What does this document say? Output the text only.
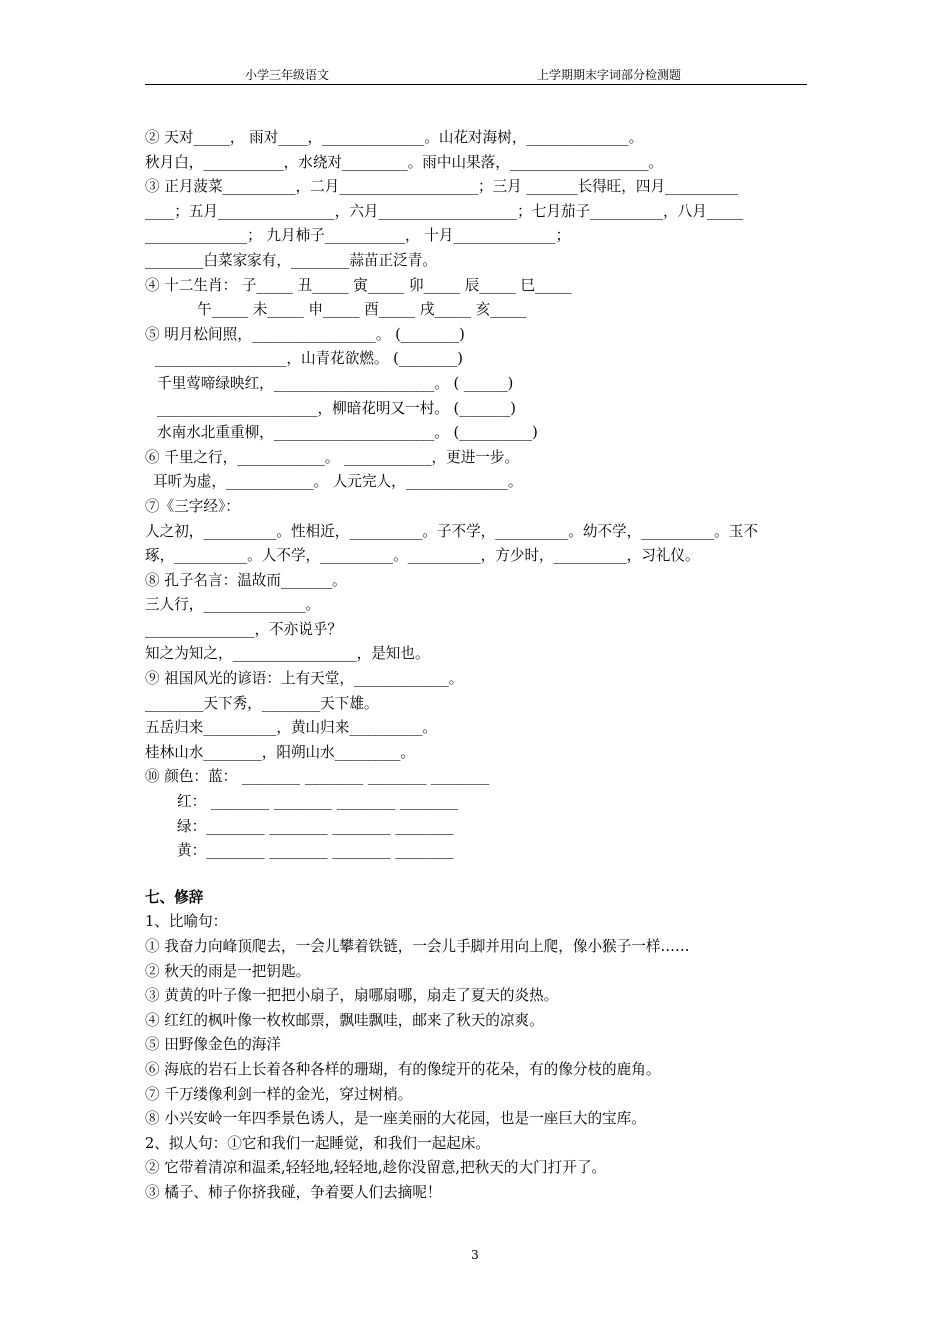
小学三年级语文	上学期期末字词部分检测题
② 天对_____， 雨对____，______________。山花对海树，______________。
秋月白，___________，水绕对_________。雨中山果落，___________________。
③ 正月菠菜__________，二月___________________；三月 _______长得旺，四月__________
____；五月________________，六月___________________；七月茄子__________，八月_____
______________； 九月柿子___________， 十月______________；
________白菜家家有，________蒜苗正泛青。
④ 十二生肖： 子_____ 丑_____ 寅_____ 卯_____ 辰_____ 巳_____
午_____ 未_____ 申_____ 酉_____ 戌_____ 亥_____
⑤ 明月松间照，_________________。 (________)
__________________，山青花欲燃。 (________)
千里莺啼绿映红，______________________。 ( ______)
______________________，柳暗花明又一村。 (_______)
水南水北重重柳，______________________。 (__________)
⑥ 千里之行，____________。 ____________，更进一步。
耳听为虚，____________。 人元完人，______________。
⑦《三字经》：
人之初，__________。性相近，__________。子不学，__________。幼不学，__________。玉不
琢，__________。人不学，__________。__________，方少时，__________，习礼仪。
⑧ 孔子名言：温故而_______。
三人行，______________。
_______________，不亦说乎？
知之为知之，_________________，是知也。
⑨ 祖国风光的谚语：上有天堂，_____________。
________天下秀，________天下雄。
五岳归来__________，黄山归来__________。
桂林山水________，阳朔山水_________。
⑩ 颜色：蓝： ________ ________ ________ ________
红： ________ ________ ________ ________
绿：________ ________ ________ ________
黄：________ ________ ________ ________
七、修辞
1、比喻句：
① 我奋力向峰顶爬去，一会儿攀着铁链，一会儿手脚并用向上爬，像小猴子一样……
② 秋天的雨是一把钥匙。
③ 黄黄的叶子像一把把小扇子，扇哪扇哪，扇走了夏天的炎热。
④ 红红的枫叶像一枚枚邮票，飘哇飘哇，邮来了秋天的凉爽。
⑤ 田野像金色的海洋
⑥ 海底的岩石上长着各种各样的珊瑚，有的像绽开的花朵，有的像分枝的鹿角。
⑦ 千万缕像利剑一样的金光，穿过树梢。
⑧ 小兴安岭一年四季景色诱人，是一座美丽的大花园，也是一座巨大的宝库。
2、拟人句：①它和我们一起睡觉，和我们一起起床。
② 它带着清凉和温柔,轻轻地,轻轻地,趁你没留意,把秋天的大门打开了。
③ 橘子、柿子你挤我碰，争着要人们去摘呢！
3
